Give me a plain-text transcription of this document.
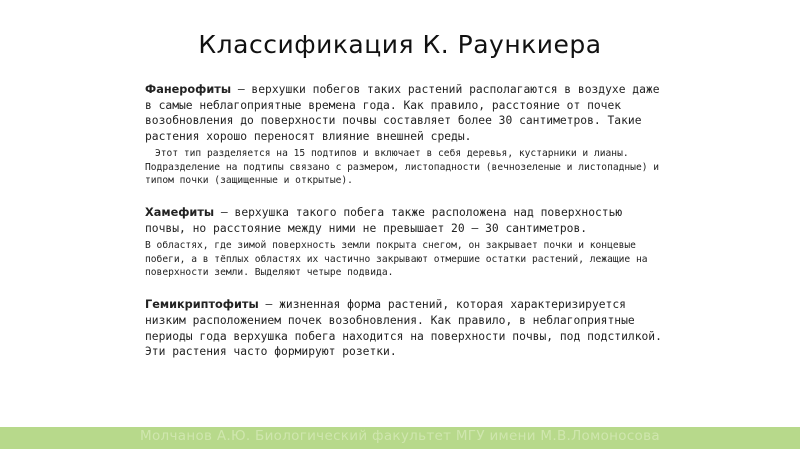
Классификация К. Раункиера

Фанерофиты — верхушки побегов таких растений располагаются в воздухе даже в самые неблагоприятные времена года. Как правило, расстояние от почек возобновления до поверхности почвы составляет более 30 сантиметров. Такие растения хорошо переносят влияние внешней среды.

Этот тип разделяется на 15 подтипов и включает в себя деревья, кустарники и лианы. Подразделение на подтипы связано с размером, листопадности (вечнозеленые и листопадные) и типом почки (защищенные и открытые).

Хамефиты — верхушка такого побега также расположена над поверхностью почвы, но расстояние между ними не превышает 20 – 30 сантиметров.

В областях, где зимой поверхность земли покрыта снегом, он закрывает почки и концевые побеги, а в тёплых областях их частично закрывают отмершие остатки растений, лежащие на поверхности земли. Выделяют четыре подвида.

Гемикриптофиты — жизненная форма растений, которая характеризируется низким расположением почек возобновления. Как правило, в неблагоприятные периоды года верхушка побега находится на поверхности почвы, под подстилкой. Эти растения часто формируют розетки.

Молчанов А.Ю. Биологический факультет МГУ имени М.В.Ломоносова
